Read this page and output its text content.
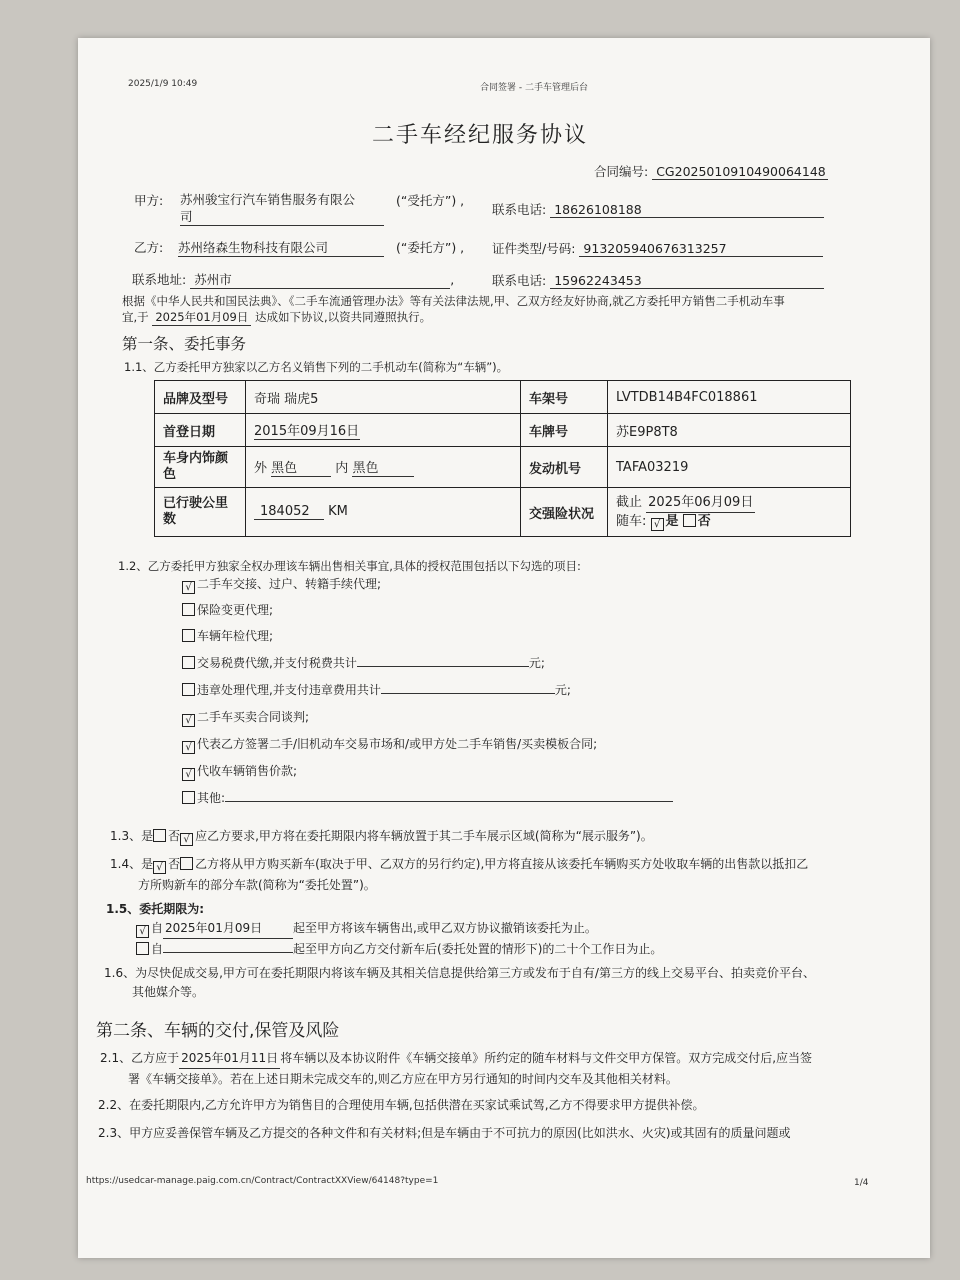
2025/1/9 10:49	合同签署 - 二手车管理后台
二手车经纪服务协议
合同编号: CG2025010910490064148
甲方: 苏州骏宝行汽车销售服务有限公
司
(“受托方”) ,
联系电话: 18626108188
乙方: 苏州络森生物科技有限公司	(“委托方”) , 证件类型/号码: 913205940676313257
联系地址: 苏州市	,	联系电话: 15962243453
根据《中华人民共和国民法典》、《二手车流通管理办法》等有关法律法规,甲、乙双方经友好协商,就乙方委托甲方销售二手机动车事
宜,于 2025年01月09日 达成如下协议,以资共同遵照执行。
第一条、委托事务
1.1、乙方委托甲方独家以乙方名义销售下列的二手机动车(简称为“车辆”)。
品牌及型号	奇瑞 瑞虎5	车架号	LVTDB14B4FC018861
首登日期	2015年09月16日	车牌号	苏E9P8T8
车身内饰颜色	外 黑色 内 黑色	发动机号	TAFA03219
已行驶公里数	184052 KM	交强险状况	截止 2025年06月09日
随车: √ 是 否
1.2、乙方委托甲方独家全权办理该车辆出售相关事宜,具体的授权范围包括以下勾选的项目:
√ 二手车交接、过户、转籍手续代理;
保险变更代理;
车辆年检代理;
交易税费代缴,并支付税费共计	元;
违章处理代理,并支付违章费用共计	元;
√ 二手车买卖合同谈判;
√ 代表乙方签署二手/旧机动车交易市场和/或甲方处二手车销售/买卖模板合同;
√ 代收车辆销售价款;
其他:
1.3、是 否 √ 应乙方要求,甲方将在委托期限内将车辆放置于其二手车展示区域(简称为“展示服务”)。
1.4、是 √ 否 乙方将从甲方购买新车(取决于甲、乙双方的另行约定),甲方将直接从该委托车辆购买方处收取车辆的出售款以抵扣乙
方所购新车的部分车款(简称为“委托处置”)。
1.5、委托期限为:
√ 自 2025年01月09日	起至甲方将该车辆售出,或甲乙双方协议撤销该委托为止。
自	起至甲方向乙方交付新车后(委托处置的情形下)的二十个工作日为止。
1.6、为尽快促成交易,甲方可在委托期限内将该车辆及其相关信息提供给第三方或发布于自有/第三方的线上交易平台、拍卖竞价平台、
其他媒介等。
第二条、车辆的交付,保管及风险
2.1、乙方应于 2025年01月11日 将车辆以及本协议附件《车辆交接单》所约定的随车材料与文件交甲方保管。双方完成交付后,应当签
署《车辆交接单》。若在上述日期未完成交车的,则乙方应在甲方另行通知的时间内交车及其他相关材料。
2.2、在委托期限内,乙方允许甲方为销售目的合理使用车辆,包括供潜在买家试乘试驾,乙方不得要求甲方提供补偿。
2.3、甲方应妥善保管车辆及乙方提交的各种文件和有关材料;但是车辆由于不可抗力的原因(比如洪水、火灾)或其固有的质量问题或
https://usedcar-manage.paig.com.cn/Contract/ContractXXView/64148?type=1	1/4
